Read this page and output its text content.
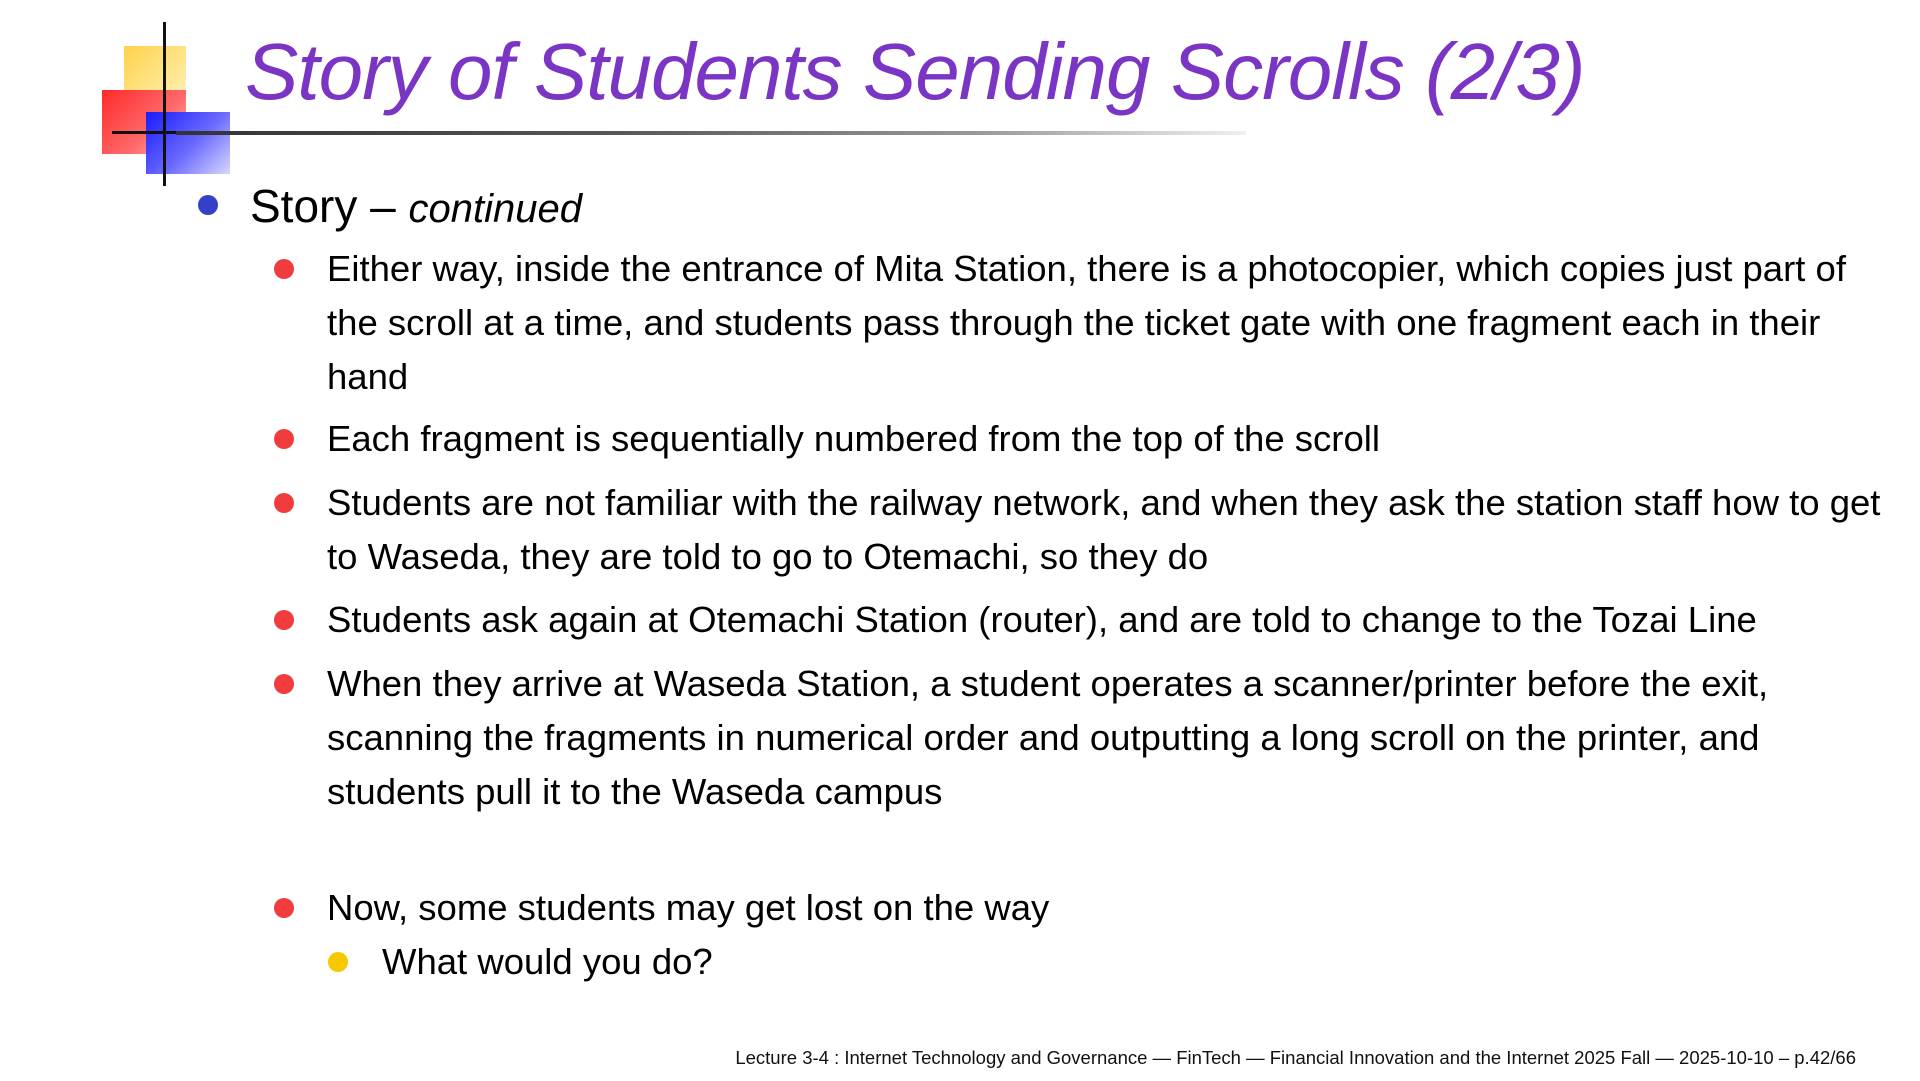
Story of Students Sending Scrolls (2/3)
Story – continued
Either way, inside the entrance of Mita Station, there is a photocopier, which copies just part of the scroll at a time, and students pass through the ticket gate with one fragment each in their hand
Each fragment is sequentially numbered from the top of the scroll
Students are not familiar with the railway network, and when they ask the station staff how to get to Waseda, they are told to go to Otemachi, so they do
Students ask again at Otemachi Station (router), and are told to change to the Tozai Line
When they arrive at Waseda Station, a student operates a scanner/printer before the exit, scanning the fragments in numerical order and outputting a long scroll on the printer, and students pull it to the Waseda campus
Now, some students may get lost on the way
What would you do?
Lecture 3-4 : Internet Technology and Governance — FinTech — Financial Innovation and the Internet 2025 Fall — 2025-10-10 – p.42/66
